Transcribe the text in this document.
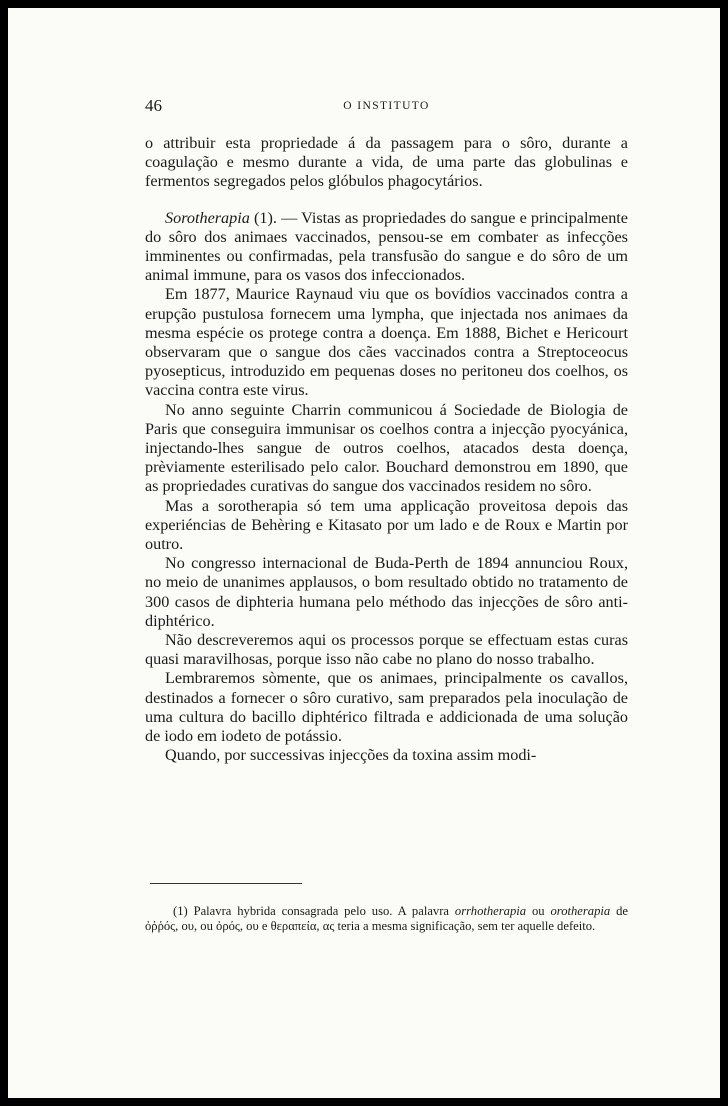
46	O INSTITUTO

o attribuir esta propriedade á da passagem para o sôro, durante a coagulação e mesmo durante a vida, de uma parte das globulinas e fermentos segregados pelos glóbulos phagocytários.

Sorotherapia (1). — Vistas as propriedades do sangue e principalmente do sôro dos animaes vaccinados, pensou-se em combater as infecções imminentes ou confirmadas, pela transfusão do sangue e do sôro de um animal immune, para os vasos dos infeccionados.

Em 1877, Maurice Raynaud viu que os bovídios vaccinados contra a erupção pustulosa fornecem uma lympha, que injectada nos animaes da mesma espécie os protege contra a doença. Em 1888, Bichet e Hericourt observaram que o sangue dos cães vaccinados contra a Streptoceocus pyosepticus, introduzido em pequenas doses no peritoneu dos coelhos, os vaccina contra este virus.

No anno seguinte Charrin communicou á Sociedade de Biologia de Paris que conseguira immunisar os coelhos contra a injecção pyocyánica, injectando-lhes sangue de outros coelhos, atacados desta doença, prèviamente esterilisado pelo calor. Bouchard demonstrou em 1890, que as propriedades curativas do sangue dos vaccinados residem no sôro.

Mas a sorotherapia só tem uma applicação proveitosa depois das experiéncias de Behèring e Kitasato por um lado e de Roux e Martin por outro.

No congresso internacional de Buda-Perth de 1894 annunciou Roux, no meio de unanimes applausos, o bom resultado obtido no tratamento de 300 casos de diphteria humana pelo méthodo das injecções de sôro anti-diphtérico.

Não descreveremos aqui os processos porque se effectuam estas curas quasi maravilhosas, porque isso não cabe no plano do nosso trabalho.

Lembraremos sòmente, que os animaes, principalmente os cavallos, destinados a fornecer o sôro curativo, sam preparados pela inoculação de uma cultura do bacillo diphtérico filtrada e addicionada de uma solução de iodo em iodeto de potássio.

Quando, por successivas injecções da toxina assim modi-

(1) Palavra hybrida consagrada pelo uso. A palavra orrhotherapia ou orotherapia de ὀῤῥός, ου, ou ὀρός, ου e θεραπεία, ας teria a mesma significação, sem ter aquelle defeito.
